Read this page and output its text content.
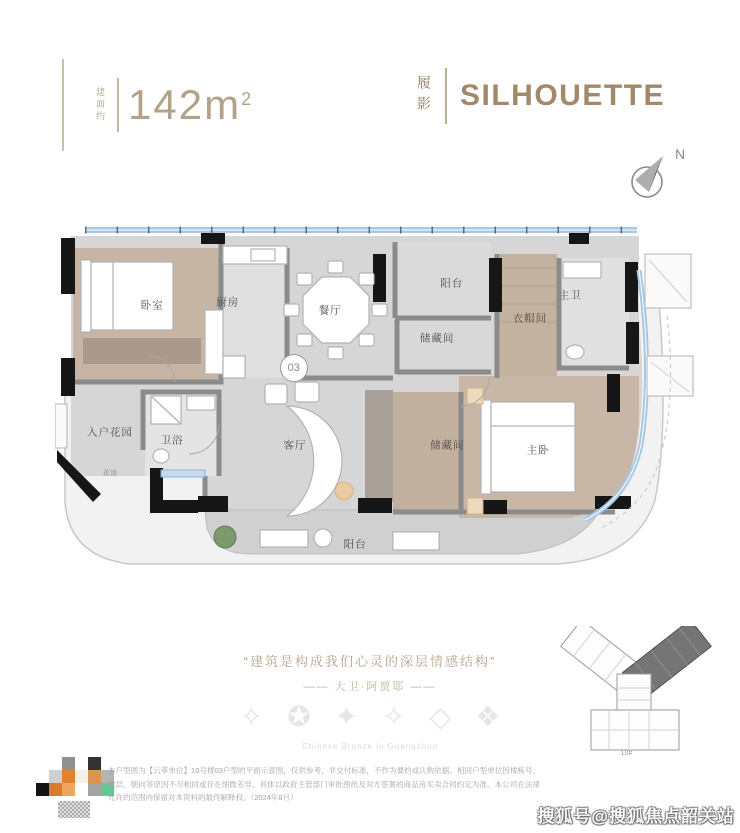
建面约 $142m^2$	履影 SILHOUETTE
N
卧室	厨房
餐厅
阳台
储藏间
衣帽间
主卫
入户花园
卫浴
花池
客厅	储藏间	主卧
阳台
03
“建筑是构成我们心灵的深层情感结构”
—— 大卫·阿贾耶 ——
✧ ✪ ✦ ✧ ◇ ❖
Chinese Bronze in Guangzhou
10#
本户型图为【云萃单位】10号楼03户型的平面示意图，仅供参考，非交付标准，不作为要约或认购依据。相同户型单位因楼栋号、楼层、朝向等原因不尽相同或存在细微差异，具体以政府主管部门审批图纸及双方签署的商品房买卖合同约定为准。本公司在法律允许的范围内保留对本资料的最终解释权。（2024年8月）
搜狐号@搜狐焦点韶关站
